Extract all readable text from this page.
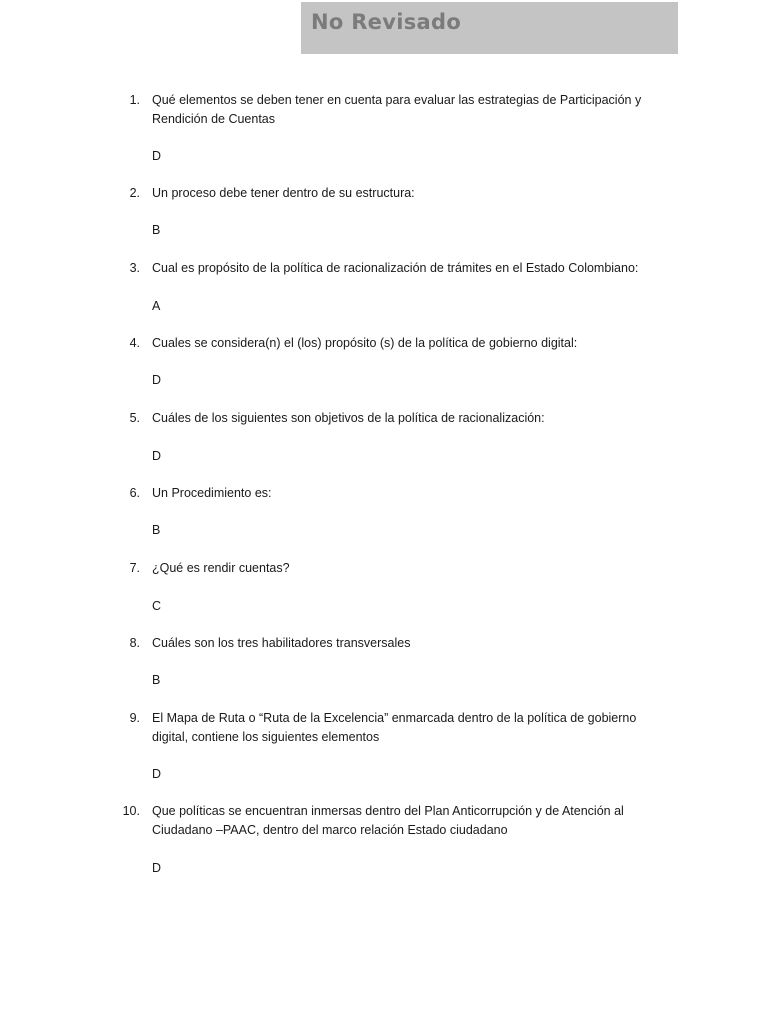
No Revisado
1. Qué elementos se deben tener en cuenta para evaluar las estrategias de Participación y Rendición de Cuentas
D
2. Un proceso debe tener dentro de su estructura:
B
3. Cual es propósito de la política de racionalización de trámites en el Estado Colombiano:
A
4. Cuales se considera(n) el (los) propósito (s) de la política de gobierno digital:
D
5. Cuáles de los siguientes son objetivos de la política de racionalización:
D
6. Un Procedimiento es:
B
7. ¿Qué es rendir cuentas?
C
8. Cuáles son los tres habilitadores transversales
B
9. El Mapa de Ruta o “Ruta de la Excelencia” enmarcada dentro de la política de gobierno digital, contiene los siguientes elementos
D
10. Que políticas se encuentran inmersas dentro del Plan Anticorrupción y de Atención al Ciudadano –PAAC, dentro del marco relación Estado ciudadano
D
